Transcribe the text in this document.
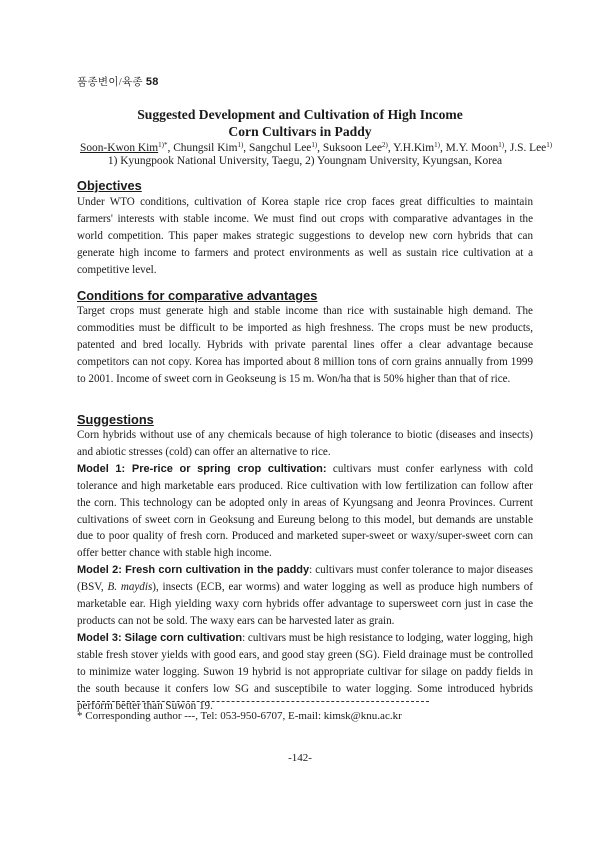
품종변이/육종 58
Suggested Development and Cultivation of High Income
Corn Cultivars in Paddy
Soon-Kwon Kim$^{1)*}$, Chungsil Kim$^{1)}$, Sangchul Lee$^{1)}$, Suksoon Lee$^{2)}$, Y.H.Kim$^{1)}$, M.Y. Moon$^{1)}$, J.S. Lee$^{1)}$
1) Kyungpook National University, Taegu, 2) Youngnam University, Kyungsan, Korea
Objectives

Under WTO conditions, cultivation of Korea staple rice crop faces great difficulties to maintain farmers' interests with stable income. We must find out crops with comparative advantages in the world competition. This paper makes strategic suggestions to develop new corn hybrids that can generate high income to farmers and protect environments as well as sustain rice cultivation at a competitive level.

Conditions for comparative advantages

Target crops must generate high and stable income than rice with sustainable high demand. The commodities must be difficult to be imported as high freshness. The crops must be new products, patented and bred locally. Hybrids with private parental lines offer a clear advantage because competitors can not copy. Korea has imported about 8 million tons of corn grains annually from 1999 to 2001. Income of sweet corn in Geokseung is 15 m. Won/ha that is 50% higher than that of rice.

Suggestions

Corn hybrids without use of any chemicals because of high tolerance to biotic (diseases and insects) and abiotic stresses (cold) can offer an alternative to rice.

Model 1: Pre-rice or spring crop cultivation: cultivars must confer earlyness with cold tolerance and high marketable ears produced. Rice cultivation with low fertilization can follow after the corn. This technology can be adopted only in areas of Kyungsang and Jeonra Provinces. Current cultivations of sweet corn in Geoksung and Eureung belong to this model, but demands are unstable due to poor quality of fresh corn. Produced and marketed super-sweet or waxy/super-sweet corn can offer better chance with stable high income.

Model 2: Fresh corn cultivation in the paddy: cultivars must confer tolerance to major diseases (BSV, B. maydis), insects (ECB, ear worms) and water logging as well as produce high numbers of marketable ear. High yielding waxy corn hybrids offer advantage to supersweet corn just in case the products can not be sold. The waxy ears can be harvested later as grain.

Model 3: Silage corn cultivation: cultivars must be high resistance to lodging, water logging, high stable fresh stover yields with good ears, and good stay green (SG). Field drainage must be controlled to minimize water logging. Suwon 19 hybrid is not appropriate cultivar for silage on paddy fields in the south because it confers low SG and susceptibile to water logging. Some introduced hybrids perform better than Suwon 19.

* Corresponding author ---, Tel: 053-950-6707, E-mail: kimsk@knu.ac.kr
-142-
